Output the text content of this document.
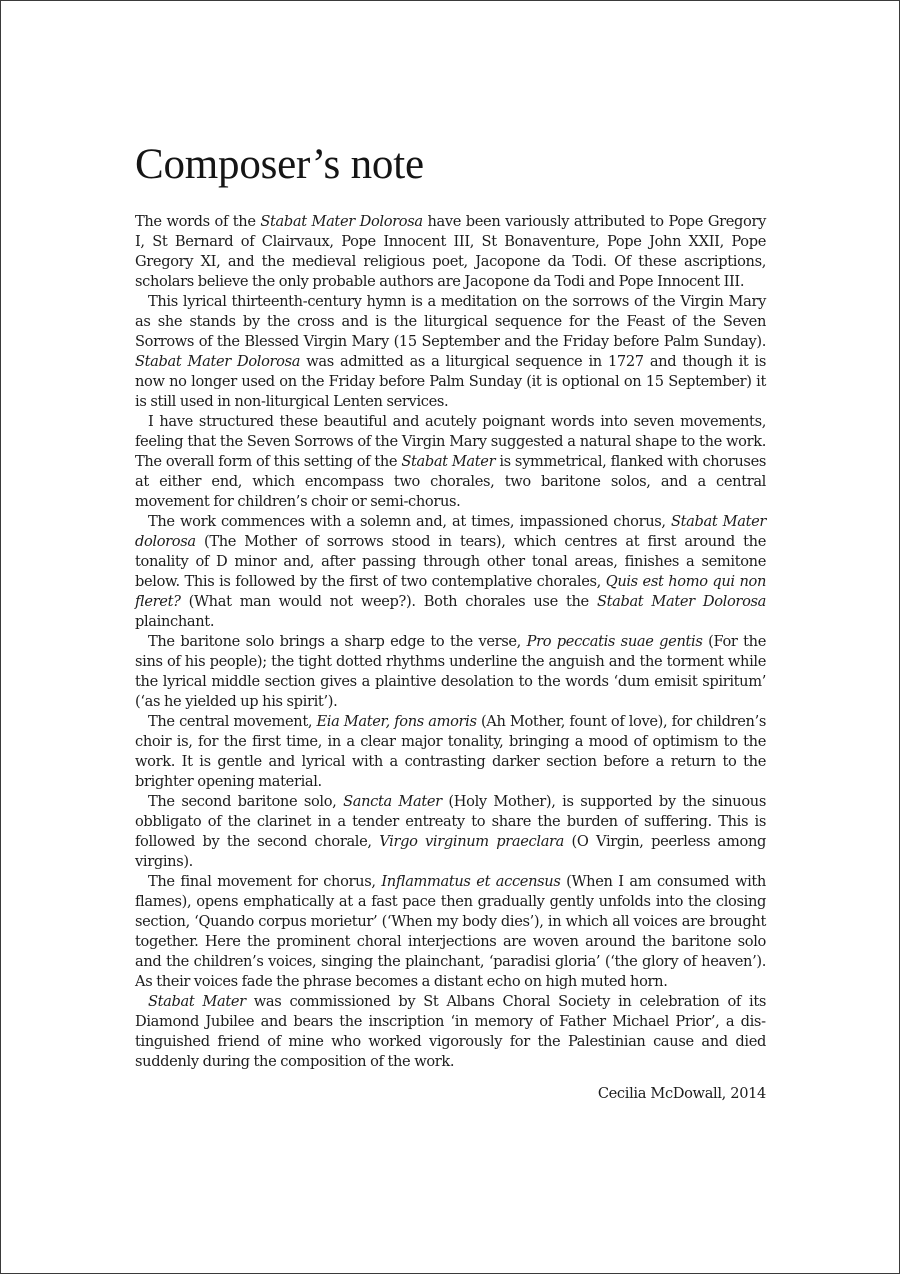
Composer’s note

The words of the Stabat Mater Dolorosa have been variously attributed to Pope Gregory I, St Bernard of Clairvaux, Pope Innocent III, St Bonaventure, Pope John XXII, Pope Gregory XI, and the medieval religious poet, Jacopone da Todi. Of these ascriptions, scholars believe the only probable authors are Jacopone da Todi and Pope Innocent III.

This lyrical thirteenth-century hymn is a meditation on the sorrows of the Virgin Mary as she stands by the cross and is the liturgical sequence for the Feast of the Seven Sorrows of the Blessed Virgin Mary (15 September and the Friday before Palm Sunday). Stabat Mater Dolorosa was admitted as a liturgical sequence in 1727 and though it is now no longer used on the Friday before Palm Sunday (it is optional on 15 September) it is still used in non-liturgical Lenten services.

I have structured these beautiful and acutely poignant words into seven movements, feeling that the Seven Sorrows of the Virgin Mary suggested a natural shape to the work. The overall form of this setting of the Stabat Mater is symmetrical, flanked with choruses at either end, which encompass two chorales, two baritone solos, and a central movement for children’s choir or semi-chorus.

The work commences with a solemn and, at times, impassioned chorus, Stabat Mater dolorosa (The Mother of sorrows stood in tears), which centres at first around the tonality of D minor and, after passing through other tonal areas, finishes a semitone below. This is followed by the first of two contemplative chorales, Quis est homo qui non fleret? (What man would not weep?). Both chorales use the Stabat Mater Dolorosa plainchant.

The baritone solo brings a sharp edge to the verse, Pro peccatis suae gentis (For the sins of his people); the tight dotted rhythms underline the anguish and the torment while the lyrical middle section gives a plaintive desolation to the words ‘dum emisit spiritum’ (‘as he yielded up his spirit’).

The central movement, Eia Mater, fons amoris (Ah Mother, fount of love), for children’s choir is, for the first time, in a clear major tonality, bringing a mood of optimism to the work. It is gentle and lyrical with a contrasting darker section before a return to the brighter opening material.

The second baritone solo, Sancta Mater (Holy Mother), is supported by the sinuous obbligato of the clarinet in a tender entreaty to share the burden of suffering. This is followed by the second chorale, Virgo virginum praeclara (O Virgin, peerless among virgins).

The final movement for chorus, Inflammatus et accensus (When I am consumed with flames), opens emphatically at a fast pace then gradually gently unfolds into the closing section, ‘Quando corpus morietur’ (‘When my body dies’), in which all voices are brought together. Here the prominent choral interjections are woven around the baritone solo and the children’s voices, singing the plainchant, ‘paradisi gloria’ (‘the glory of heaven’). As their voices fade the phrase becomes a distant echo on high muted horn.

Stabat Mater was commissioned by St Albans Choral Society in celebration of its Diamond Jubilee and bears the inscription ‘in memory of Father Michael Prior’, a distinguished friend of mine who worked vigorously for the Palestinian cause and died suddenly during the composition of the work.

Cecilia McDowall, 2014
